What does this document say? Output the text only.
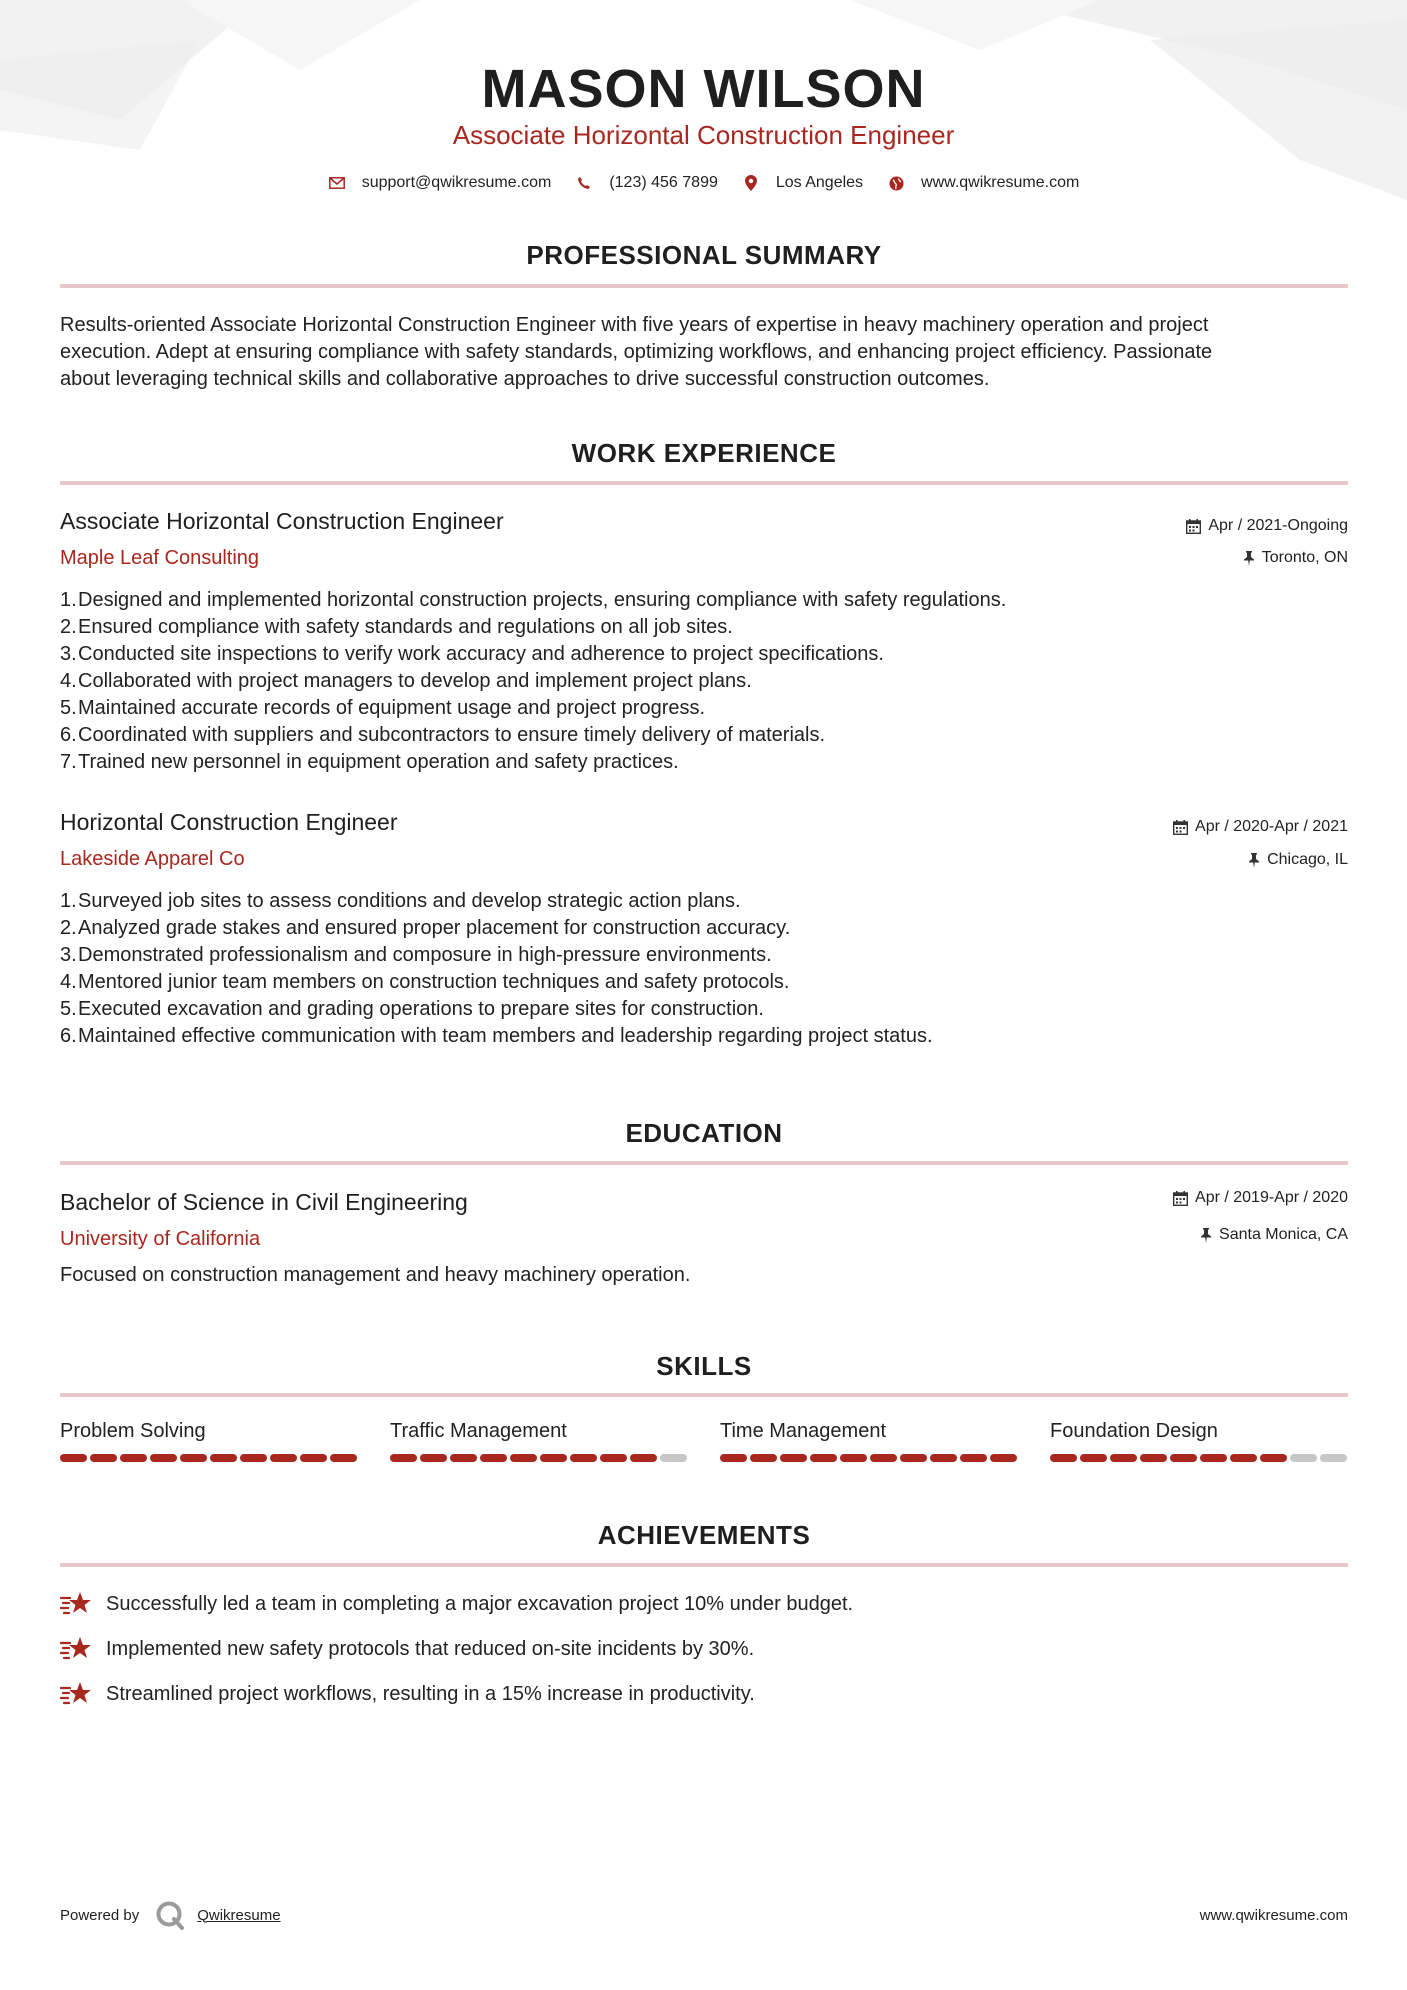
MASON WILSON
Associate Horizontal Construction Engineer
support@qwikresume.com	(123) 456 7899	Los Angeles	www.qwikresume.com
PROFESSIONAL SUMMARY
Results-oriented Associate Horizontal Construction Engineer with five years of expertise in heavy machinery operation and project
execution. Adept at ensuring compliance with safety standards, optimizing workflows, and enhancing project efficiency. Passionate
about leveraging technical skills and collaborative approaches to drive successful construction outcomes.
WORK EXPERIENCE
Associate Horizontal Construction Engineer
Maple Leaf Consulting
Apr / 2021-Ongoing
Toronto, ON
1. Designed and implemented horizontal construction projects, ensuring compliance with safety regulations.
2. Ensured compliance with safety standards and regulations on all job sites.
3. Conducted site inspections to verify work accuracy and adherence to project specifications.
4. Collaborated with project managers to develop and implement project plans.
5. Maintained accurate records of equipment usage and project progress.
6. Coordinated with suppliers and subcontractors to ensure timely delivery of materials.
7. Trained new personnel in equipment operation and safety practices.
Horizontal Construction Engineer
Lakeside Apparel Co
Apr / 2020-Apr / 2021
Chicago, IL
1. Surveyed job sites to assess conditions and develop strategic action plans.
2. Analyzed grade stakes and ensured proper placement for construction accuracy.
3. Demonstrated professionalism and composure in high-pressure environments.
4. Mentored junior team members on construction techniques and safety protocols.
5. Executed excavation and grading operations to prepare sites for construction.
6. Maintained effective communication with team members and leadership regarding project status.
EDUCATION
Bachelor of Science in Civil Engineering
University of California
Apr / 2019-Apr / 2020
Santa Monica, CA
Focused on construction management and heavy machinery operation.
SKILLS
Problem Solving	Traffic Management	Time Management	Foundation Design
ACHIEVEMENTS
Successfully led a team in completing a major excavation project 10% under budget.
Implemented new safety protocols that reduced on-site incidents by 30%.
Streamlined project workflows, resulting in a 15% increase in productivity.
Powered by	Qwikresume	www.qwikresume.com
